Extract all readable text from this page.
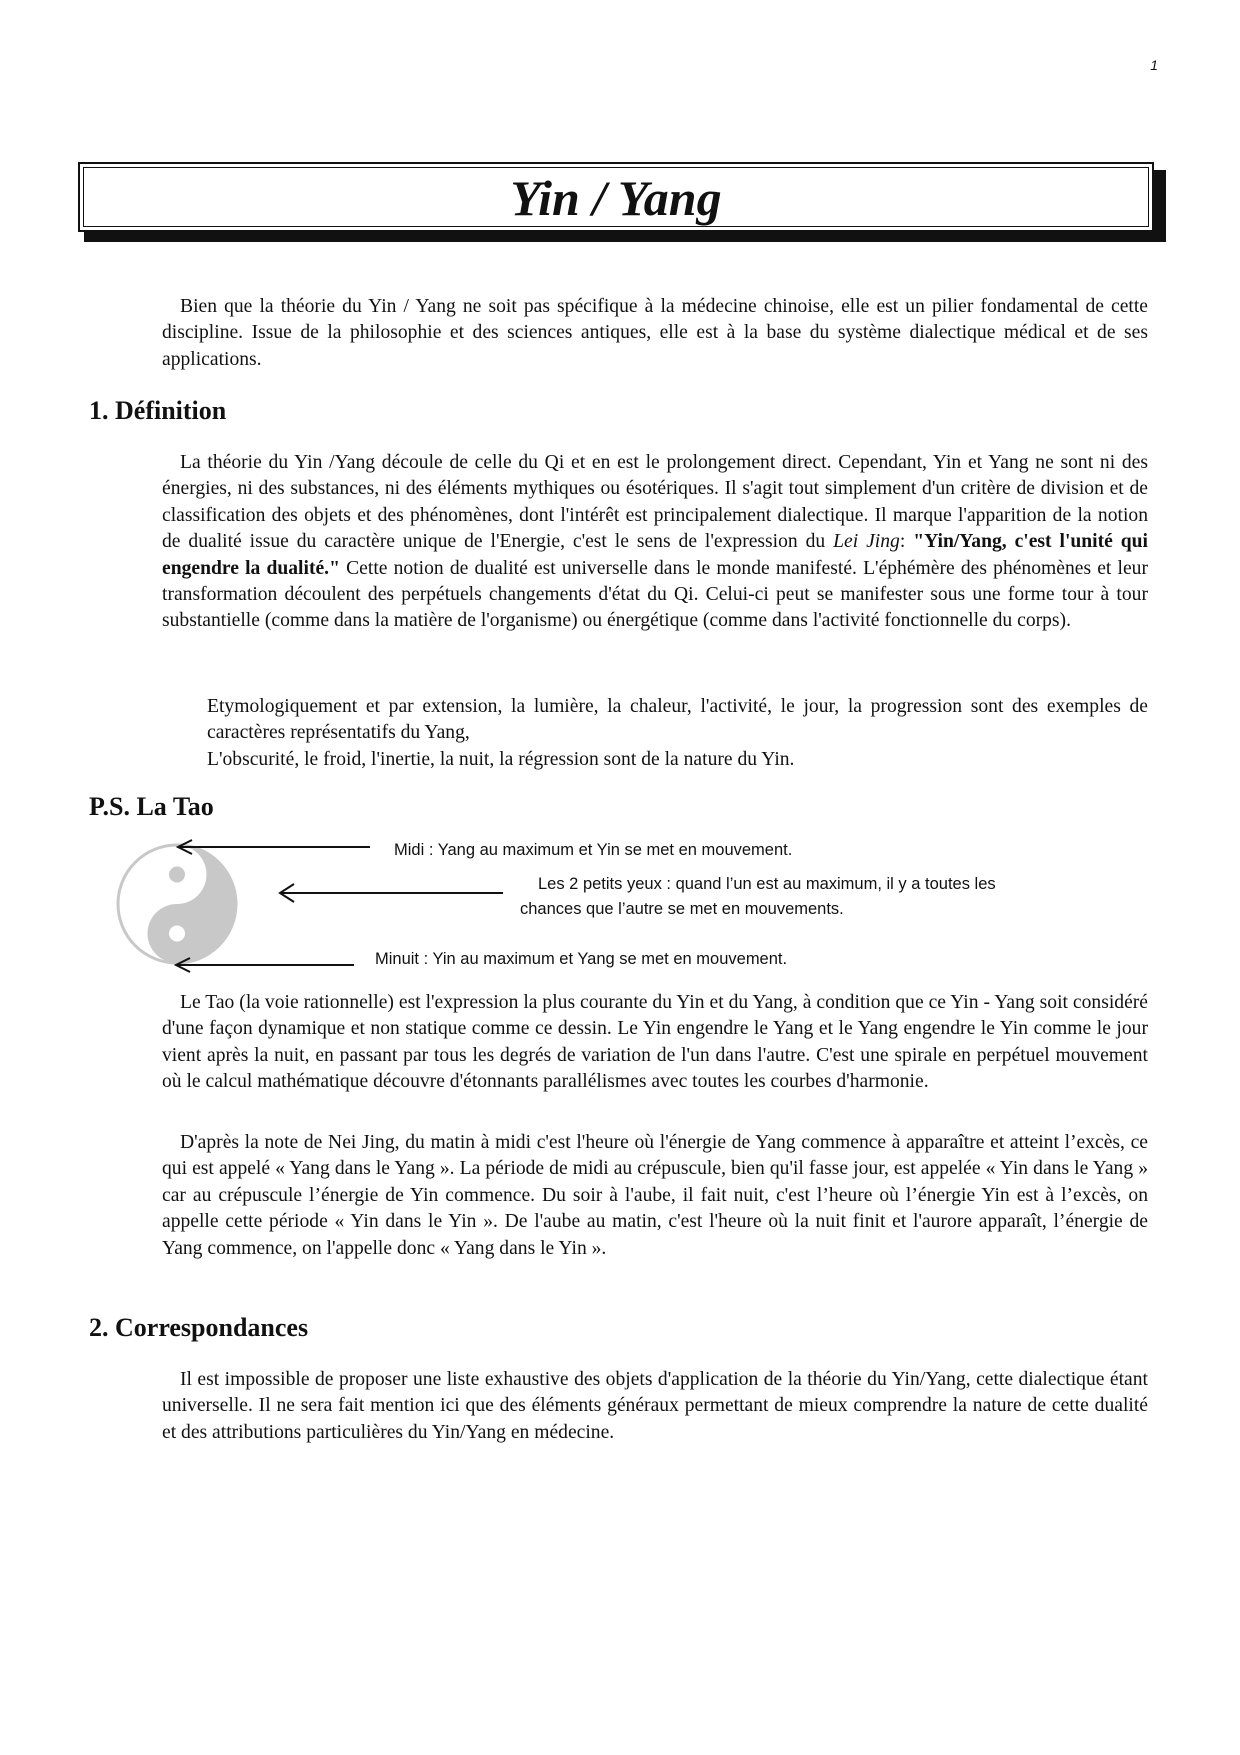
1
Yin / Yang
Bien que la théorie du Yin / Yang ne soit pas spécifique à la médecine chinoise, elle est un pilier fondamental de cette discipline. Issue de la philosophie et des sciences antiques, elle est à la base du système dialectique médical et de ses applications.
1. Définition
La théorie du Yin /Yang découle de celle du Qi et en est le prolongement direct. Cependant, Yin et Yang ne sont ni des énergies, ni des substances, ni des éléments mythiques ou ésotériques. Il s'agit tout simplement d'un critère de division et de classification des objets et des phénomènes, dont l'intérêt est principalement dialectique. Il marque l'apparition de la notion de dualité issue du caractère unique de l'Energie, c'est le sens de l'expression du Lei Jing: "Yin/Yang, c'est l'unité qui engendre la dualité." Cette notion de dualité est universelle dans le monde manifesté. L'éphémère des phénomènes et leur transformation découlent des perpétuels changements d'état du Qi. Celui-ci peut se manifester sous une forme tour à tour substantielle (comme dans la matière de l'organisme) ou énergétique (comme dans l'activité fonctionnelle du corps).
Etymologiquement et par extension, la lumière, la chaleur, l'activité, le jour, la progression sont des exemples de caractères représentatifs du Yang,
L'obscurité, le froid, l'inertie, la nuit, la régression sont de la nature du Yin.
P.S. La Tao
Midi : Yang au maximum et Yin se met en mouvement.
Les 2 petits yeux : quand l’un est au maximum, il y a toutes les
chances que l’autre se met en mouvements.
Minuit : Yin au maximum et Yang se met en mouvement.
Le Tao (la voie rationnelle) est l'expression la plus courante du Yin et du Yang, à condition que ce Yin - Yang soit considéré d'une façon dynamique et non statique comme ce dessin. Le Yin engendre le Yang et le Yang engendre le Yin comme le jour vient après la nuit, en passant par tous les degrés de variation de l'un dans l'autre. C'est une spirale en perpétuel mouvement où le calcul mathématique découvre d'étonnants parallélismes avec toutes les courbes d'harmonie.
D'après la note de Nei Jing, du matin à midi c'est l'heure où l'énergie de Yang commence à apparaître et atteint l’excès, ce qui est appelé « Yang dans le Yang ». La période de midi au crépuscule, bien qu'il fasse jour, est appelée « Yin dans le Yang » car au crépuscule l’énergie de Yin commence. Du soir à l'aube, il fait nuit, c'est l’heure où l’énergie Yin est à l’excès, on appelle cette période « Yin dans le Yin ». De l'aube au matin, c'est l'heure où la nuit finit et l'aurore apparaît, l’énergie de Yang commence, on l'appelle donc « Yang dans le Yin ».
2. Correspondances
Il est impossible de proposer une liste exhaustive des objets d'application de la théorie du Yin/Yang, cette dialectique étant universelle. Il ne sera fait mention ici que des éléments généraux permettant de mieux comprendre la nature de cette dualité et des attributions particulières du Yin/Yang en médecine.
